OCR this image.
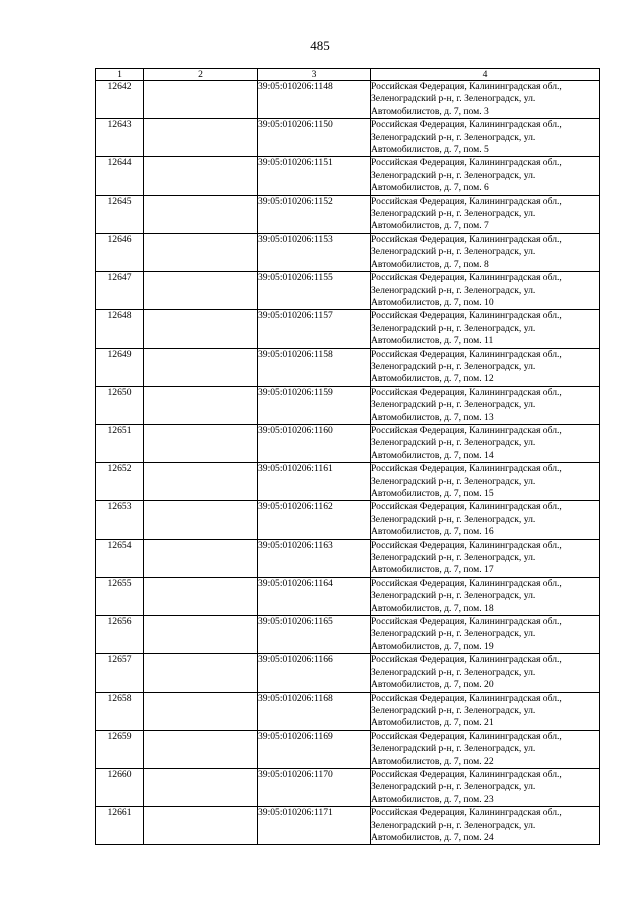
485
1	2	3	4
12642		39:05:010206:1148	Российская Федерация, Калининградская обл.,
Зеленоградский р-н, г. Зеленоградск, ул.
Автомобилистов, д. 7, пом. 3
12643		39:05:010206:1150	Российская Федерация, Калининградская обл.,
Зеленоградский р-н, г. Зеленоградск, ул.
Автомобилистов, д. 7, пом. 5
12644		39:05:010206:1151	Российская Федерация, Калининградская обл.,
Зеленоградский р-н, г. Зеленоградск, ул.
Автомобилистов, д. 7, пом. 6
12645		39:05:010206:1152	Российская Федерация, Калининградская обл.,
Зеленоградский р-н, г. Зеленоградск, ул.
Автомобилистов, д. 7, пом. 7
12646		39:05:010206:1153	Российская Федерация, Калининградская обл.,
Зеленоградский р-н, г. Зеленоградск, ул.
Автомобилистов, д. 7, пом. 8
12647		39:05:010206:1155	Российская Федерация, Калининградская обл.,
Зеленоградский р-н, г. Зеленоградск, ул.
Автомобилистов, д. 7, пом. 10
12648		39:05:010206:1157	Российская Федерация, Калининградская обл.,
Зеленоградский р-н, г. Зеленоградск, ул.
Автомобилистов, д. 7, пом. 11
12649		39:05:010206:1158	Российская Федерация, Калининградская обл.,
Зеленоградский р-н, г. Зеленоградск, ул.
Автомобилистов, д. 7, пом. 12
12650		39:05:010206:1159	Российская Федерация, Калининградская обл.,
Зеленоградский р-н, г. Зеленоградск, ул.
Автомобилистов, д. 7, пом. 13
12651		39:05:010206:1160	Российская Федерация, Калининградская обл.,
Зеленоградский р-н, г. Зеленоградск, ул.
Автомобилистов, д. 7, пом. 14
12652		39:05:010206:1161	Российская Федерация, Калининградская обл.,
Зеленоградский р-н, г. Зеленоградск, ул.
Автомобилистов, д. 7, пом. 15
12653		39:05:010206:1162	Российская Федерация, Калининградская обл.,
Зеленоградский р-н, г. Зеленоградск, ул.
Автомобилистов, д. 7, пом. 16
12654		39:05:010206:1163	Российская Федерация, Калининградская обл.,
Зеленоградский р-н, г. Зеленоградск, ул.
Автомобилистов, д. 7, пом. 17
12655		39:05:010206:1164	Российская Федерация, Калининградская обл.,
Зеленоградский р-н, г. Зеленоградск, ул.
Автомобилистов, д. 7, пом. 18
12656		39:05:010206:1165	Российская Федерация, Калининградская обл.,
Зеленоградский р-н, г. Зеленоградск, ул.
Автомобилистов, д. 7, пом. 19
12657		39:05:010206:1166	Российская Федерация, Калининградская обл.,
Зеленоградский р-н, г. Зеленоградск, ул.
Автомобилистов, д. 7, пом. 20
12658		39:05:010206:1168	Российская Федерация, Калининградская обл.,
Зеленоградский р-н, г. Зеленоградск, ул.
Автомобилистов, д. 7, пом. 21
12659		39:05:010206:1169	Российская Федерация, Калининградская обл.,
Зеленоградский р-н, г. Зеленоградск, ул.
Автомобилистов, д. 7, пом. 22
12660		39:05:010206:1170	Российская Федерация, Калининградская обл.,
Зеленоградский р-н, г. Зеленоградск, ул.
Автомобилистов, д. 7, пом. 23
12661		39:05:010206:1171	Российская Федерация, Калининградская обл.,
Зеленоградский р-н, г. Зеленоградск, ул.
Автомобилистов, д. 7, пом. 24
